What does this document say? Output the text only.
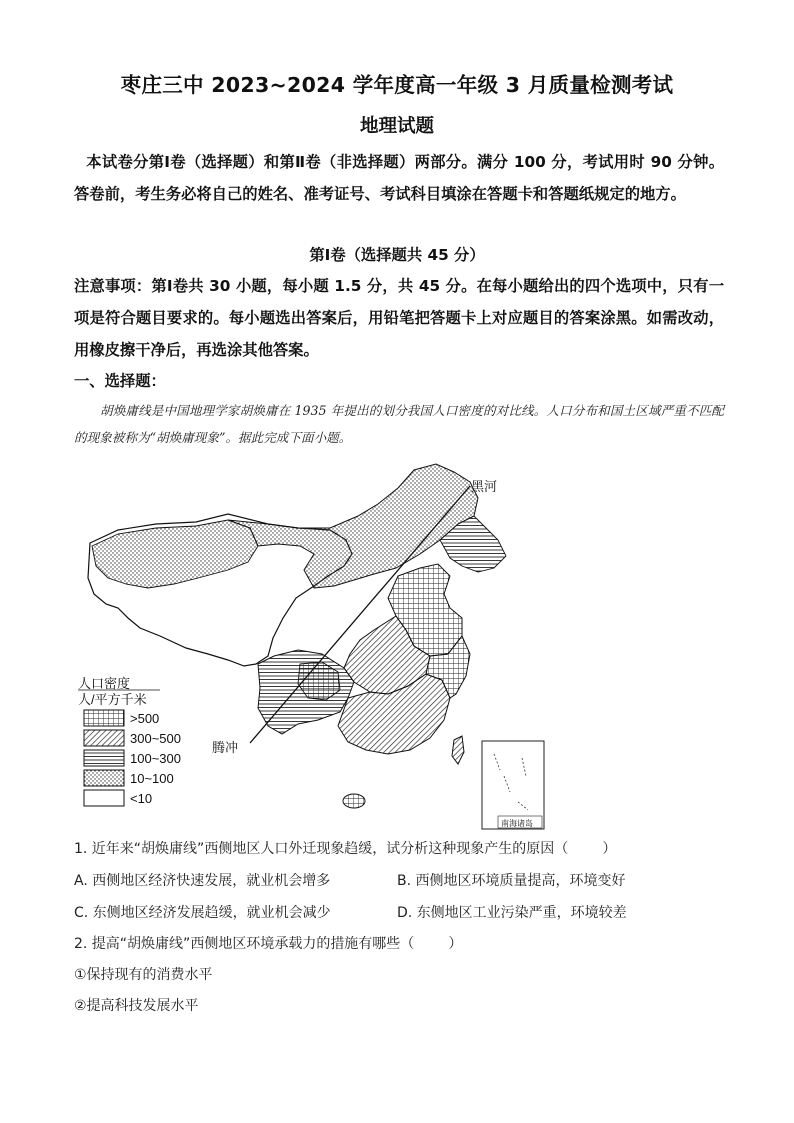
枣庄三中 2023~2024 学年度高一年级 3 月质量检测考试
地理试题
本试卷分第Ⅰ卷（选择题）和第Ⅱ卷（非选择题）两部分。满分 100 分，考试用时 90 分钟。答卷前，考生务必将自己的姓名、准考证号、考试科目填涂在答题卡和答题纸规定的地方。
第Ⅰ卷（选择题共 45 分）
注意事项：第Ⅰ卷共 30 小题，每小题 1.5 分，共 45 分。在每小题给出的四个选项中，只有一项是符合题目要求的。每小题选出答案后，用铅笔把答题卡上对应题目的答案涂黑。如需改动，用橡皮擦干净后，再选涂其他答案。
一、选择题：
胡焕庸线是中国地理学家胡焕庸在 1935 年提出的划分我国人口密度的对比线。人口分布和国土区域严重不匹配的现象被称为“胡焕庸现象”。据此完成下面小题。
黑河
腾冲
南海诸岛
人口密度
人/平方千米
>500
300~500
100~300
10~100
<10
1. 近年来“胡焕庸线”西侧地区人口外迁现象趋缓，试分析这种现象产生的原因（ ）
A. 西侧地区经济快速发展，就业机会增多	B. 西侧地区环境质量提高，环境变好
C. 东侧地区经济发展趋缓，就业机会减少	D. 东侧地区工业污染严重，环境较差
2. 提高“胡焕庸线”西侧地区环境承载力的措施有哪些（ ）
①保持现有的消费水平
②提高科技发展水平
